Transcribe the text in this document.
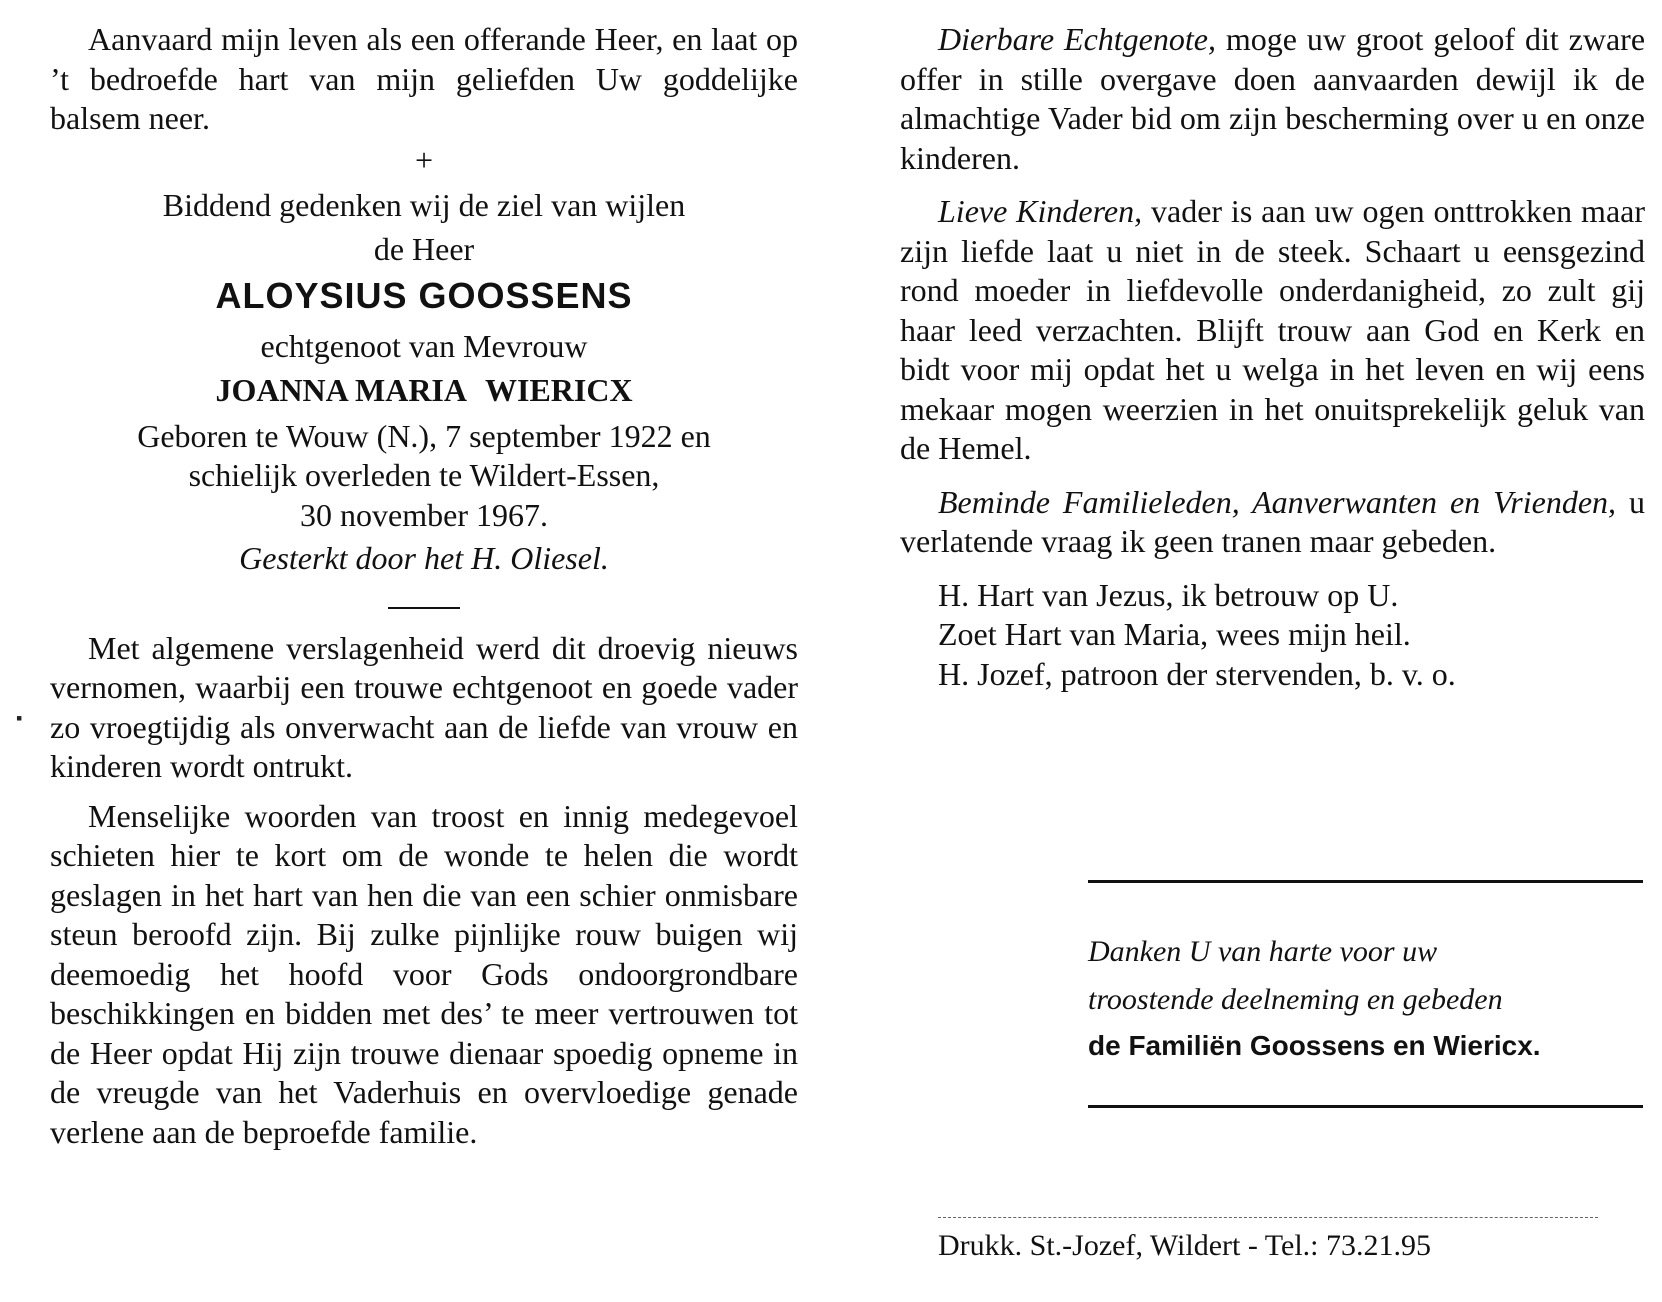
Aanvaard mijn leven als een offerande Heer, en laat op ’t bedroefde hart van mijn geliefden Uw goddelijke balsem neer.

+

Biddend gedenken wij de ziel van wijlen

de Heer

ALOYSIUS GOOSSENS

echtgenoot van Mevrouw

JOANNA MARIA WIERICX

Geboren te Wouw (N.), 7 september 1922 en

schielijk overleden te Wildert-Essen,

30 november 1967.

Gesterkt door het H. Oliesel.

Met algemene verslagenheid werd dit droevig nieuws vernomen, waarbij een trouwe echtgenoot en goede vader zo vroegtijdig als onverwacht aan de liefde van vrouw en kinderen wordt ontrukt.

Menselijke woorden van troost en innig medegevoel schieten hier te kort om de wonde te helen die wordt geslagen in het hart van hen die van een schier onmisbare steun beroofd zijn. Bij zulke pijnlijke rouw buigen wij deemoedig het hoofd voor Gods ondoorgrondbare beschikkingen en bidden met des’ te meer vertrouwen tot de Heer opdat Hij zijn trouwe dienaar spoedig opneme in de vreugde van het Vaderhuis en overvloedige genade verlene aan de beproefde familie.

Dierbare Echtgenote, moge uw groot geloof dit zware offer in stille overgave doen aanvaarden dewijl ik de almachtige Vader bid om zijn bescherming over u en onze kinderen.

Lieve Kinderen, vader is aan uw ogen onttrokken maar zijn liefde laat u niet in de steek. Schaart u eensgezind rond moeder in liefdevolle onderdanigheid, zo zult gij haar leed verzachten. Blijft trouw aan God en Kerk en bidt voor mij opdat het u welga in het leven en wij eens mekaar mogen weerzien in het onuitsprekelijk geluk van de Hemel.

Beminde Familieleden, Aanverwanten en Vrienden, u verlatende vraag ik geen tranen maar gebeden.

H. Hart van Jezus, ik betrouw op U.

Zoet Hart van Maria, wees mijn heil.

H. Jozef, patroon der stervenden, b. v. o.

Danken U van harte voor uw
troostende deelneming en gebeden
de Familiën Goossens en Wiericx.
Drukk. St.-Jozef, Wildert - Tel.: 73.21.95
▪
